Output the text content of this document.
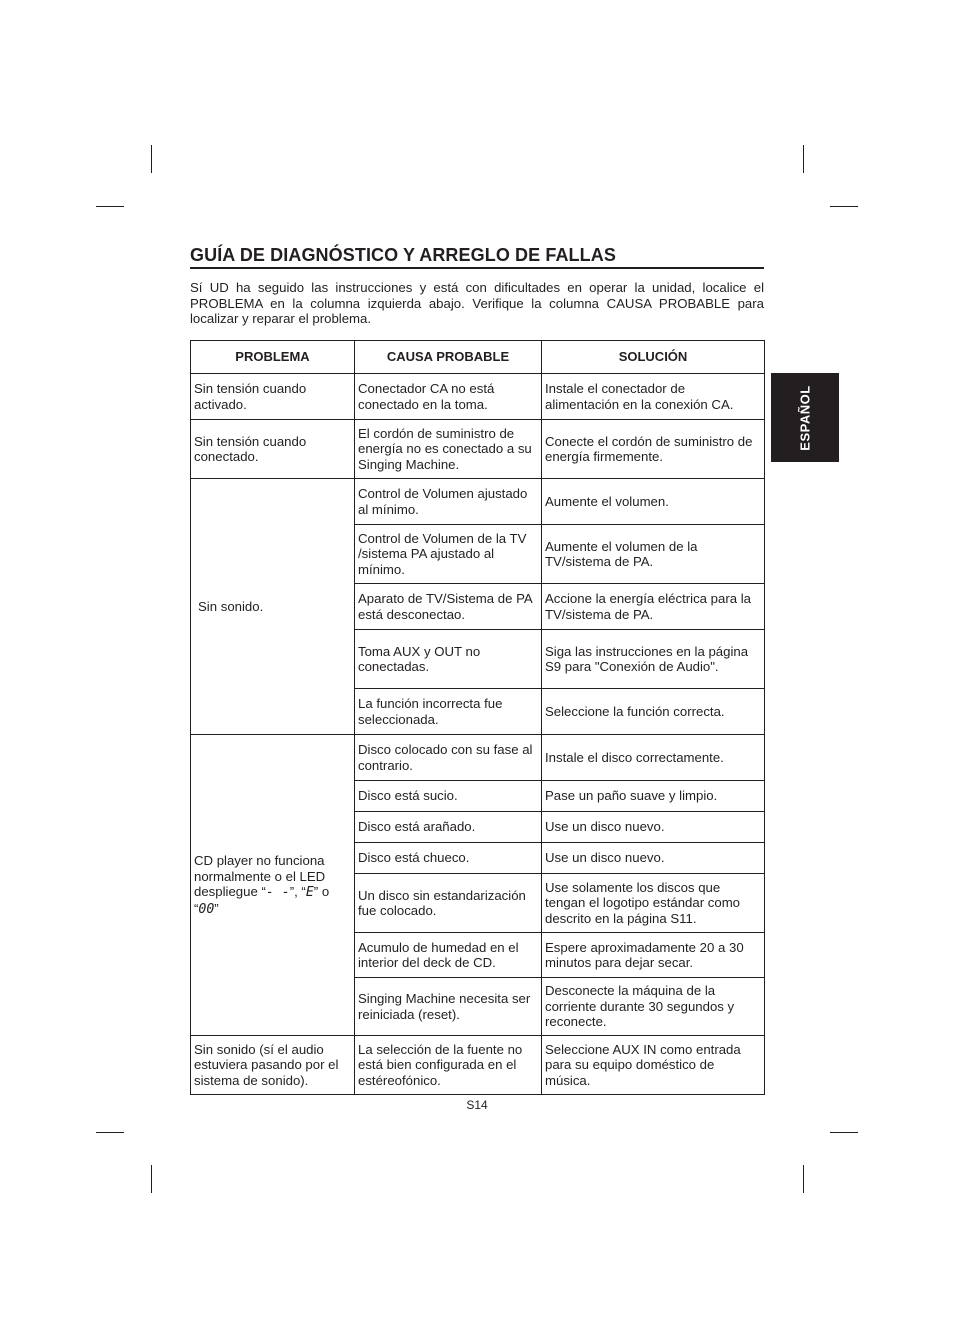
GUÍA DE DIAGNÓSTICO Y ARREGLO DE FALLAS
Sí UD ha seguido las instrucciones y está con dificultades en operar la unidad, localice el PROBLEMA en la columna izquierda abajo. Verifique la columna CAUSA PROBABLE para localizar y reparar el problema.
ESPAÑOL
PROBLEMA	CAUSA PROBABLE	SOLUCIÓN
Sin tensión cuando activado.	Conectador CA no está conectado en la toma.	Instale el conectador de alimentación en la conexión CA.
Sin tensión cuando conectado.	El cordón de suministro de energía no es conectado a su Singing Machine.	Conecte el cordón de suministro de energía firmemente.
Sin sonido.	Control de Volumen ajustado al mínimo.	Aumente el volumen.
	Control de Volumen de la TV /sistema PA ajustado al mínimo.	Aumente el volumen de la TV/sistema de PA.
	Aparato de TV/Sistema de PA está desconectao.	Accione la energía eléctrica para la TV/sistema de PA.
	Toma AUX y OUT no conectadas.	Siga las instrucciones en la página S9 para "Conexión de Audio".
	La función incorrecta fue seleccionada.	Seleccione la función correcta.
CD player no funciona normalmente o el LED despliegue “- -”, “E” o “00”	Disco colocado con su fase al contrario.	Instale el disco correctamente.
	Disco está sucio.	Pase un paño suave y limpio.
	Disco está arañado.	Use un disco nuevo.
	Disco está chueco.	Use un disco nuevo.
	Un disco sin estandarización fue colocado.	Use solamente los discos que tengan el logotipo estándar como descrito en la página S11.
	Acumulo de humedad en el interior del deck de CD.	Espere aproximadamente 20 a 30 minutos para dejar secar.
	Singing Machine necesita ser reiniciada (reset).	Desconecte la máquina de la corriente durante 30 segundos y reconecte.
Sin sonido (sí el audio estuviera pasando por el sistema de sonido).	La selección de la fuente no está bien configurada en el estéreofónico.	Seleccione AUX IN como entrada para su equipo doméstico de música.
S14
